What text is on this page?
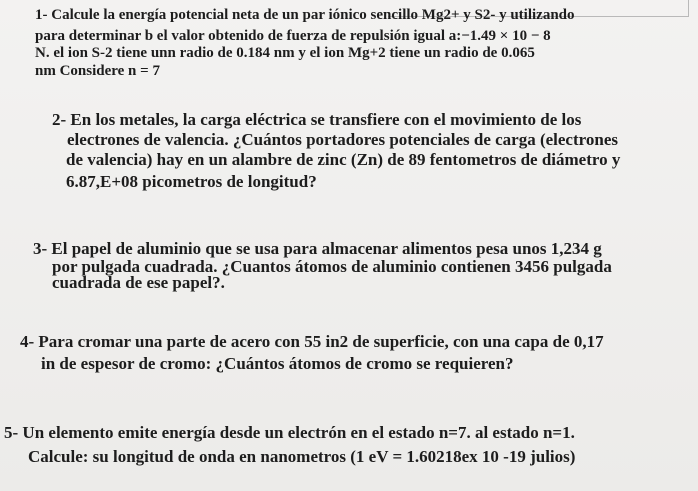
1- Calcule la energía potencial neta de un par iónico sencillo Mg2+ y S2- y utilizando
para determinar b el valor obtenido de fuerza de repulsión igual a:−1.49 × 10 − 8
N. el ion S-2 tiene unn radio de 0.184 nm y el ion Mg+2 tiene un radio de 0.065
nm Considere n = 7
2- En los metales, la carga eléctrica se transfiere con el movimiento de los
electrones de valencia. ¿Cuántos portadores potenciales de carga (electrones
de valencia) hay en un alambre de zinc (Zn) de 89 fentometros de diámetro y
6.87,E+08 picometros de longitud?
3- El papel de aluminio que se usa para almacenar alimentos pesa unos 1,234 g
por pulgada cuadrada. ¿Cuantos átomos de aluminio contienen 3456 pulgada
cuadrada de ese papel?.
4- Para cromar una parte de acero con 55 in2 de superficie, con una capa de 0,17
in de espesor de cromo: ¿Cuántos átomos de cromo se requieren?
5- Un elemento emite energía desde un electrón en el estado n=7. al estado n=1.
Calcule: su longitud de onda en nanometros (1 eV = 1.60218ex 10 -19 julios)
